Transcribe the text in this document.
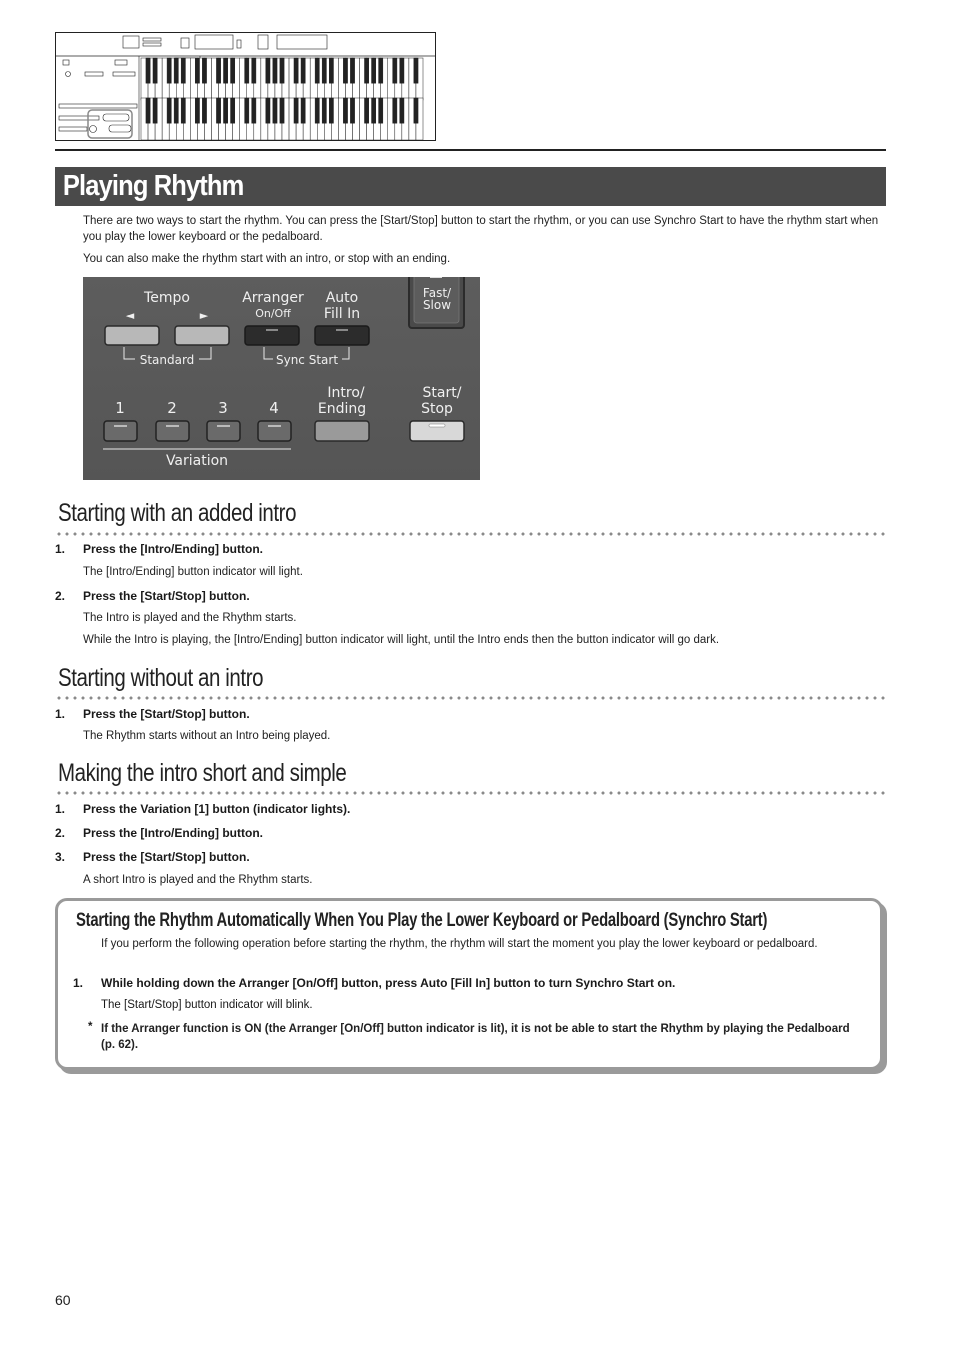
Playing Rhythm
There are two ways to start the rhythm. You can press the [Start/Stop] button to start the rhythm, or you can use Synchro Start to have the rhythm start when you play the lower keyboard or the pedalboard.
You can also make the rhythm start with an intro, or stop with an ending.
Fast/
Slow
Tempo
◄	►
Arranger
On/Off
Auto
Fill In
Standard	Sync Start
1	2	3	4
Intro/
Ending
Start/
Stop
Variation
Starting with an added intro
1. Press the [Intro/Ending] button.
The [Intro/Ending] button indicator will light.
2. Press the [Start/Stop] button.
The Intro is played and the Rhythm starts.
While the Intro is playing, the [Intro/Ending] button indicator will light, until the Intro ends then the button indicator will go dark.
Starting without an intro
1. Press the [Start/Stop] button.
The Rhythm starts without an Intro being played.
Making the intro short and simple
1. Press the Variation [1] button (indicator lights).
2. Press the [Intro/Ending] button.
3. Press the [Start/Stop] button.
A short Intro is played and the Rhythm starts.
Starting the Rhythm Automatically When You Play the Lower Keyboard or Pedalboard (Synchro Start)
If you perform the following operation before starting the rhythm, the rhythm will start the moment you play the lower keyboard or pedalboard.
1. While holding down the Arranger [On/Off] button, press Auto [Fill In] button to turn Synchro Start on.
The [Start/Stop] button indicator will blink.
* If the Arranger function is ON (the Arranger [On/Off] button indicator is lit), it is not be able to start the Rhythm by playing the Pedalboard (p. 62).
60
